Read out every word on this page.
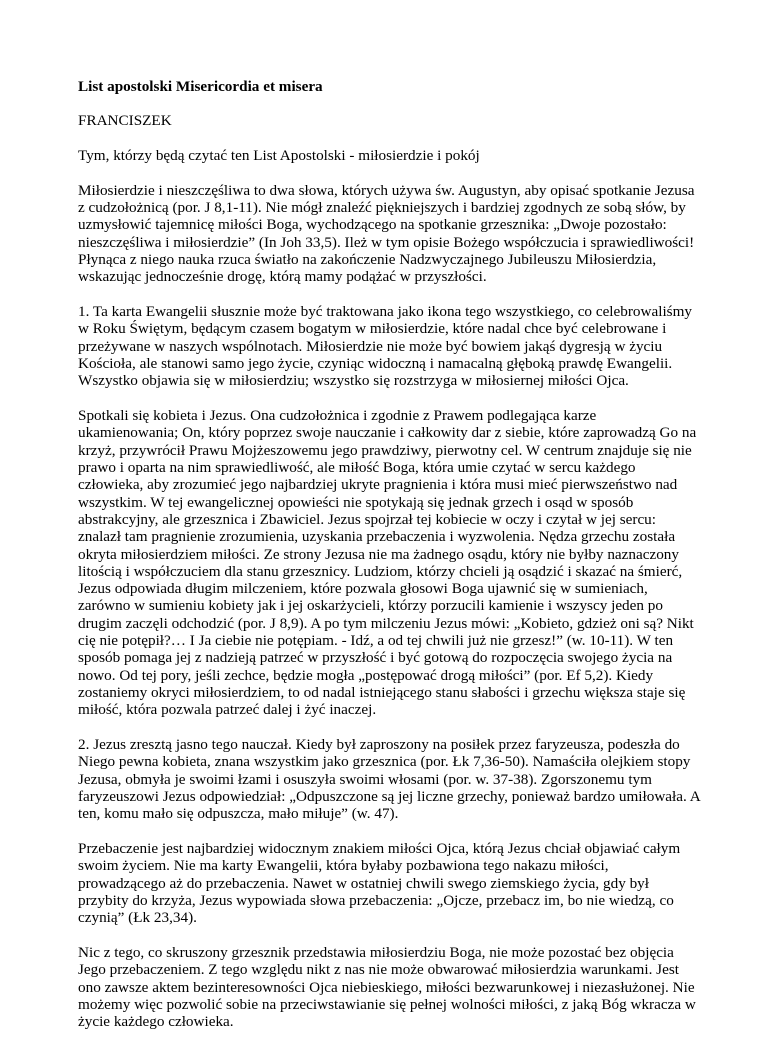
List apostolski Misericordia et misera

FRANCISZEK

Tym, którzy będą czytać ten List Apostolski - miłosierdzie i pokój

Miłosierdzie i nieszczęśliwa to dwa słowa, których używa św. Augustyn, aby opisać spotkanie Jezusa z cudzołożnicą (por. J 8,1-11). Nie mógł znaleźć piękniejszych i bardziej zgodnych ze sobą słów, by uzmysłowić tajemnicę miłości Boga, wychodzącego na spotkanie grzesznika: „Dwoje pozostało: nieszczęśliwa i miłosierdzie” (In Joh 33,5). Ileż w tym opisie Bożego współczucia i sprawiedliwości! Płynąca z niego nauka rzuca światło na zakończenie Nadzwyczajnego Jubileuszu Miłosierdzia, wskazując jednocześnie drogę, którą mamy podążać w przyszłości.

1. Ta karta Ewangelii słusznie może być traktowana jako ikona tego wszystkiego, co celebrowaliśmy w Roku Świętym, będącym czasem bogatym w miłosierdzie, które nadal chce być celebrowane i przeżywane w naszych wspólnotach. Miłosierdzie nie może być bowiem jakąś dygresją w życiu Kościoła, ale stanowi samo jego życie, czyniąc widoczną i namacalną głęboką prawdę Ewangelii. Wszystko objawia się w miłosierdziu; wszystko się rozstrzyga w miłosiernej miłości Ojca.

Spotkali się kobieta i Jezus. Ona cudzołożnica i zgodnie z Prawem podlegająca karze ukamienowania; On, który poprzez swoje nauczanie i całkowity dar z siebie, które zaprowadzą Go na krzyż, przywrócił Prawu Mojżeszowemu jego prawdziwy, pierwotny cel. W centrum znajduje się nie prawo i oparta na nim sprawiedliwość, ale miłość Boga, która umie czytać w sercu każdego człowieka, aby zrozumieć jego najbardziej ukryte pragnienia i która musi mieć pierwszeństwo nad wszystkim. W tej ewangelicznej opowieści nie spotykają się jednak grzech i osąd w sposób abstrakcyjny, ale grzesznica i Zbawiciel. Jezus spojrzał tej kobiecie w oczy i czytał w jej sercu: znalazł tam pragnienie zrozumienia, uzyskania przebaczenia i wyzwolenia. Nędza grzechu została okryta miłosierdziem miłości. Ze strony Jezusa nie ma żadnego osądu, który nie byłby naznaczony litością i współczuciem dla stanu grzesznicy. Ludziom, którzy chcieli ją osądzić i skazać na śmierć, Jezus odpowiada długim milczeniem, które pozwala głosowi Boga ujawnić się w sumieniach, zarówno w sumieniu kobiety jak i jej oskarżycieli, którzy porzucili kamienie i wszyscy jeden po drugim zaczęli odchodzić (por. J 8,9). A po tym milczeniu Jezus mówi: „Kobieto, gdzież oni są? Nikt cię nie potępił?… I Ja ciebie nie potępiam. - Idź, a od tej chwili już nie grzesz!” (w. 10-11). W ten sposób pomaga jej z nadzieją patrzeć w przyszłość i być gotową do rozpoczęcia swojego życia na nowo. Od tej pory, jeśli zechce, będzie mogła „postępować drogą miłości” (por. Ef 5,2). Kiedy zostaniemy okryci miłosierdziem, to od nadal istniejącego stanu słabości i grzechu większa staje się miłość, która pozwala patrzeć dalej i żyć inaczej.

2. Jezus zresztą jasno tego nauczał. Kiedy był zaproszony na posiłek przez faryzeusza, podeszła do Niego pewna kobieta, znana wszystkim jako grzesznica (por. Łk 7,36-50). Namaściła olejkiem stopy Jezusa, obmyła je swoimi łzami i osuszyła swoimi włosami (por. w. 37-38). Zgorszonemu tym faryzeuszowi Jezus odpowiedział: „Odpuszczone są jej liczne grzechy, ponieważ bardzo umiłowała. A ten, komu mało się odpuszcza, mało miłuje” (w. 47).

Przebaczenie jest najbardziej widocznym znakiem miłości Ojca, którą Jezus chciał objawiać całym swoim życiem. Nie ma karty Ewangelii, która byłaby pozbawiona tego nakazu miłości, prowadzącego aż do przebaczenia. Nawet w ostatniej chwili swego ziemskiego życia, gdy był przybity do krzyża, Jezus wypowiada słowa przebaczenia: „Ojcze, przebacz im, bo nie wiedzą, co czynią” (Łk 23,34).

Nic z tego, co skruszony grzesznik przedstawia miłosierdziu Boga, nie może pozostać bez objęcia Jego przebaczeniem. Z tego względu nikt z nas nie może obwarować miłosierdzia warunkami. Jest ono zawsze aktem bezinteresowności Ojca niebieskiego, miłości bezwarunkowej i niezasłużonej. Nie możemy więc pozwolić sobie na przeciwstawianie się pełnej wolności miłości, z jaką Bóg wkracza w życie każdego człowieka.
